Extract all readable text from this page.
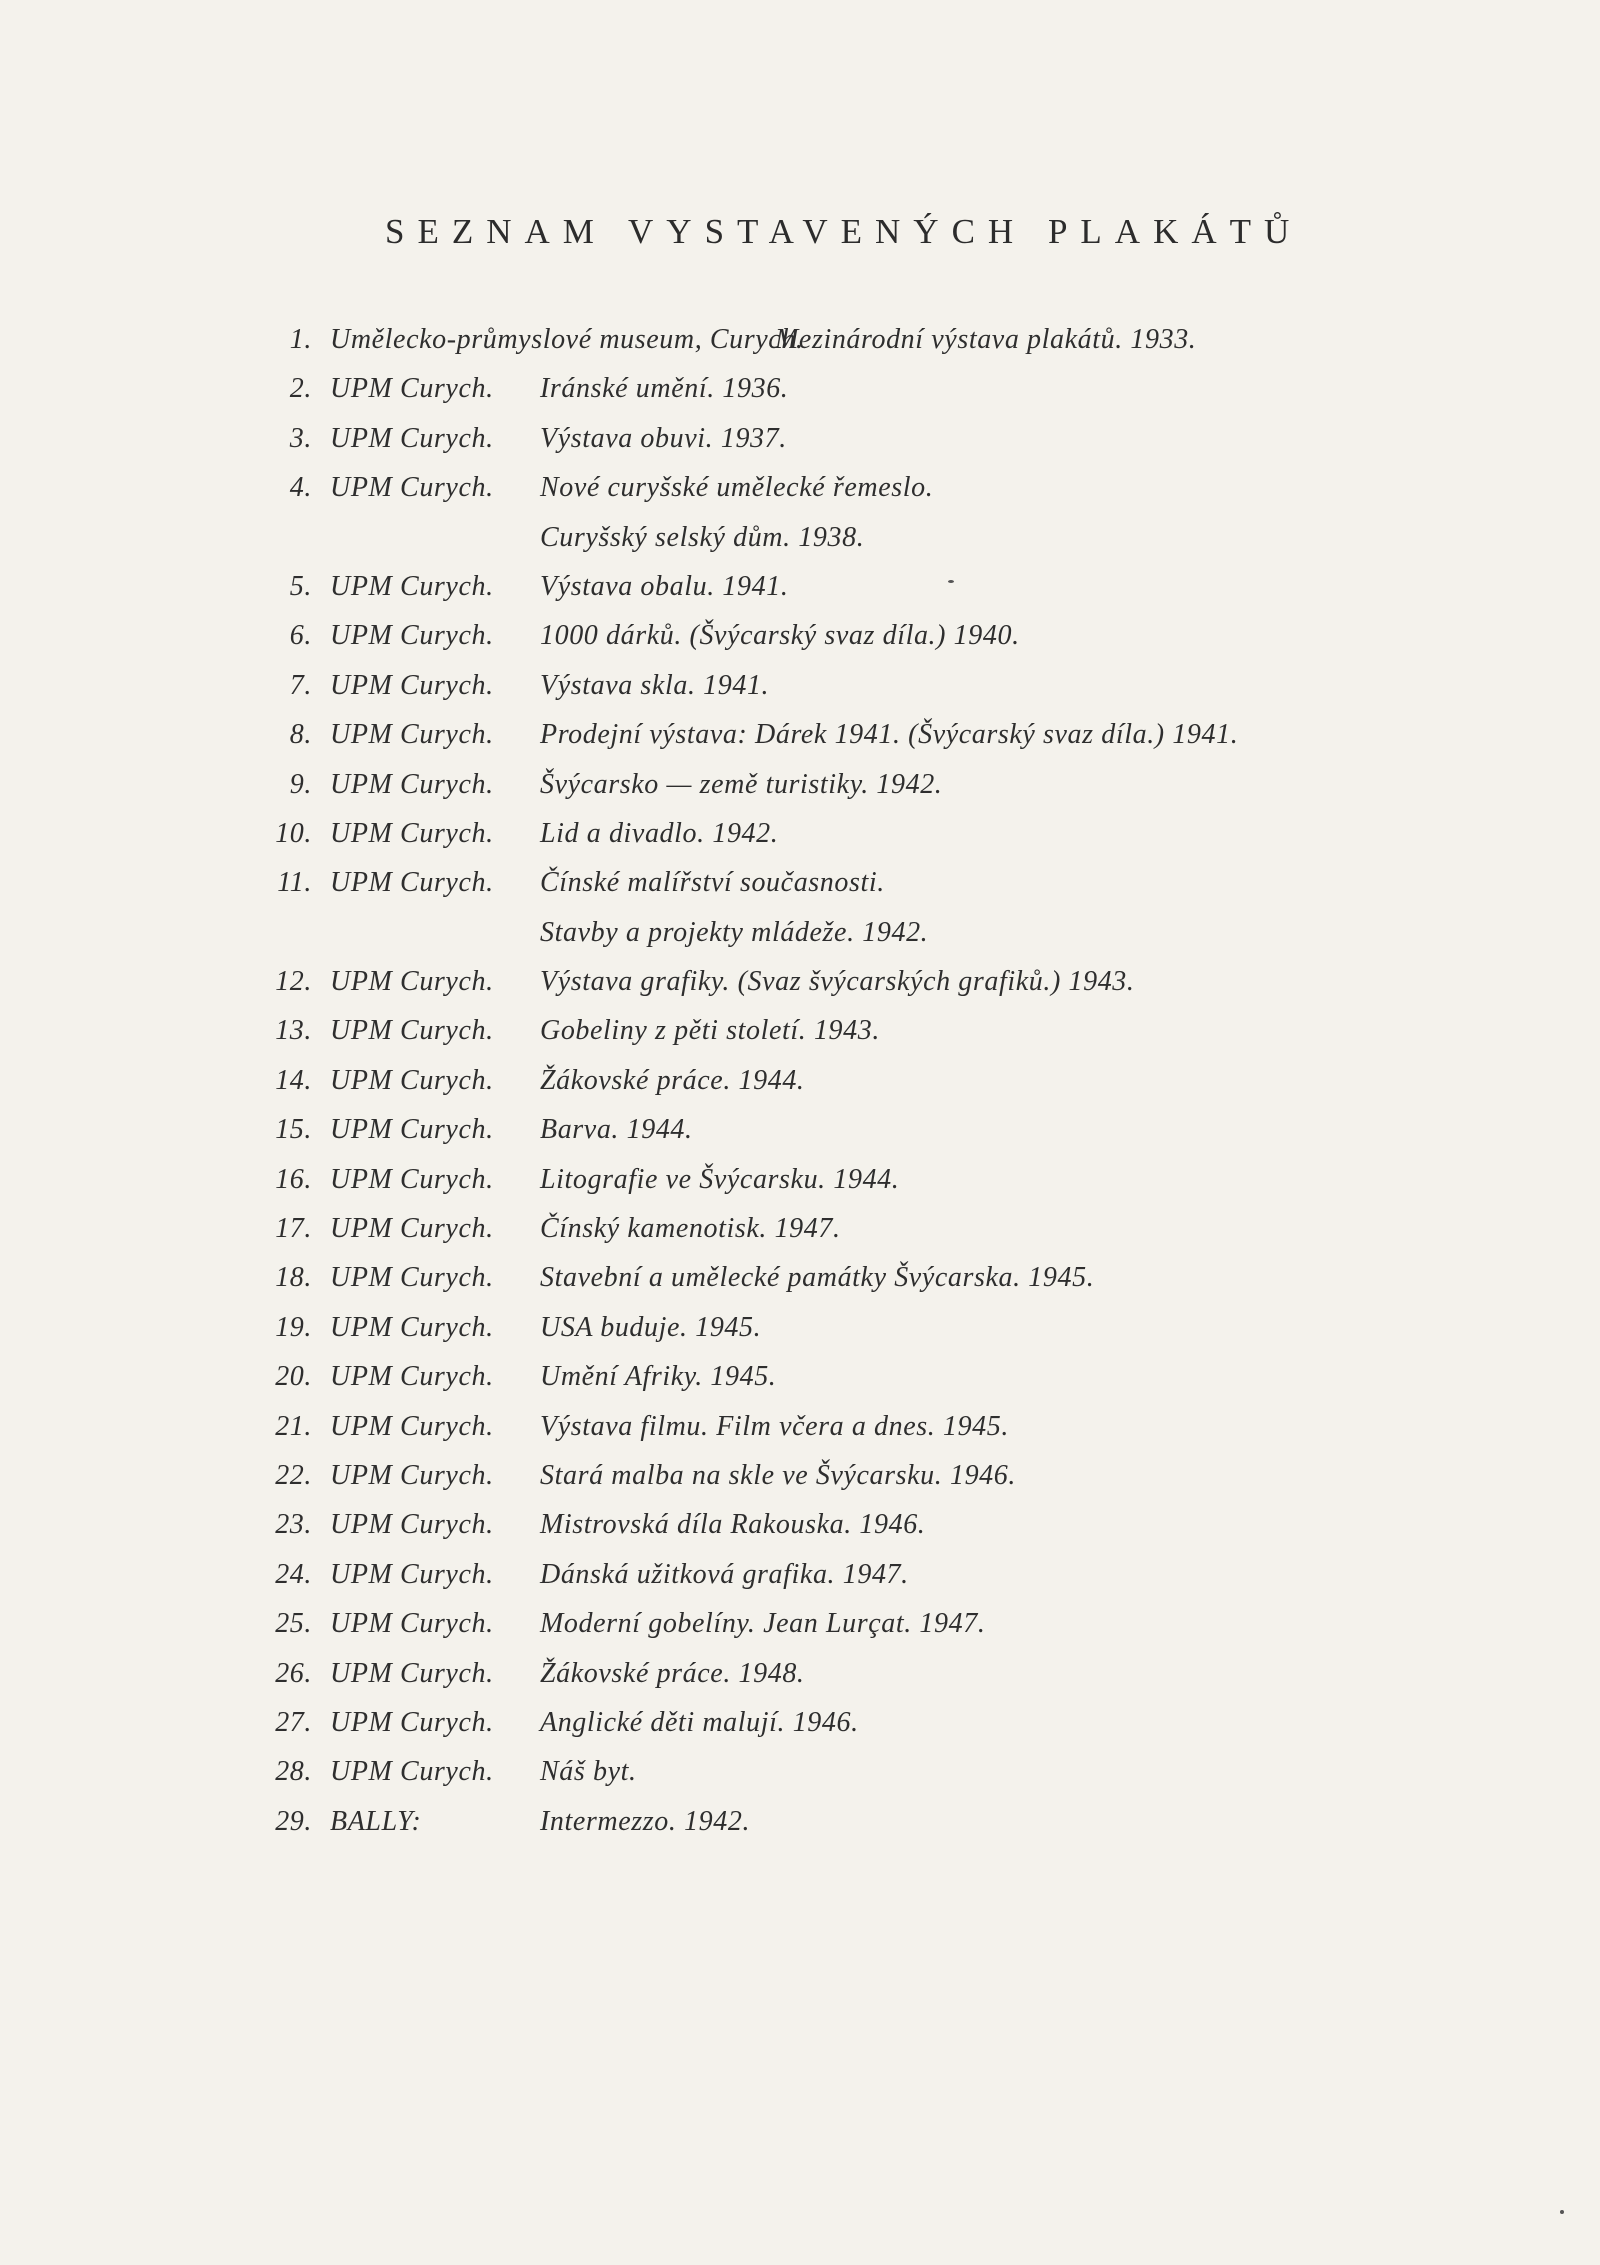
SEZNAM VYSTAVENÝCH PLAKÁTŮ
1. Umělecko-průmyslové museum, Curych.
Mezinárodní výstava plakátů. 1933.
2. UPM Curych. Iránské umění. 1936.
3. UPM Curych. Výstava obuvi. 1937.
4. UPM Curych. Nové curyšské umělecké řemeslo.
Curyšský selský dům. 1938.
5. UPM Curych. Výstava obalu. 1941.
6. UPM Curych. 1000 dárků. (Švýcarský svaz díla.) 1940.
7. UPM Curych. Výstava skla. 1941.
8. UPM Curych. Prodejní výstava: Dárek 1941. (Švýcarský svaz díla.) 1941.
9. UPM Curych. Švýcarsko — země turistiky. 1942.
10. UPM Curych. Lid a divadlo. 1942.
11. UPM Curych. Čínské malířství současnosti.
Stavby a projekty mládeže. 1942.
12. UPM Curych. Výstava grafiky. (Svaz švýcarských grafiků.) 1943.
13. UPM Curych. Gobeliny z pěti století. 1943.
14. UPM Curych. Žákovské práce. 1944.
15. UPM Curych. Barva. 1944.
16. UPM Curych. Litografie ve Švýcarsku. 1944.
17. UPM Curych. Čínský kamenotisk. 1947.
18. UPM Curych. Stavební a umělecké památky Švýcarska. 1945.
19. UPM Curych. USA buduje. 1945.
20. UPM Curych. Umění Afriky. 1945.
21. UPM Curych. Výstava filmu. Film včera a dnes. 1945.
22. UPM Curych. Stará malba na skle ve Švýcarsku. 1946.
23. UPM Curych. Mistrovská díla Rakouska. 1946.
24. UPM Curych. Dánská užitková grafika. 1947.
25. UPM Curych. Moderní gobelíny. Jean Lurçat. 1947.
26. UPM Curych. Žákovské práce. 1948.
27. UPM Curych. Anglické děti malují. 1946.
28. UPM Curych. Náš byt.
29. BALLY:	Intermezzo. 1942.
